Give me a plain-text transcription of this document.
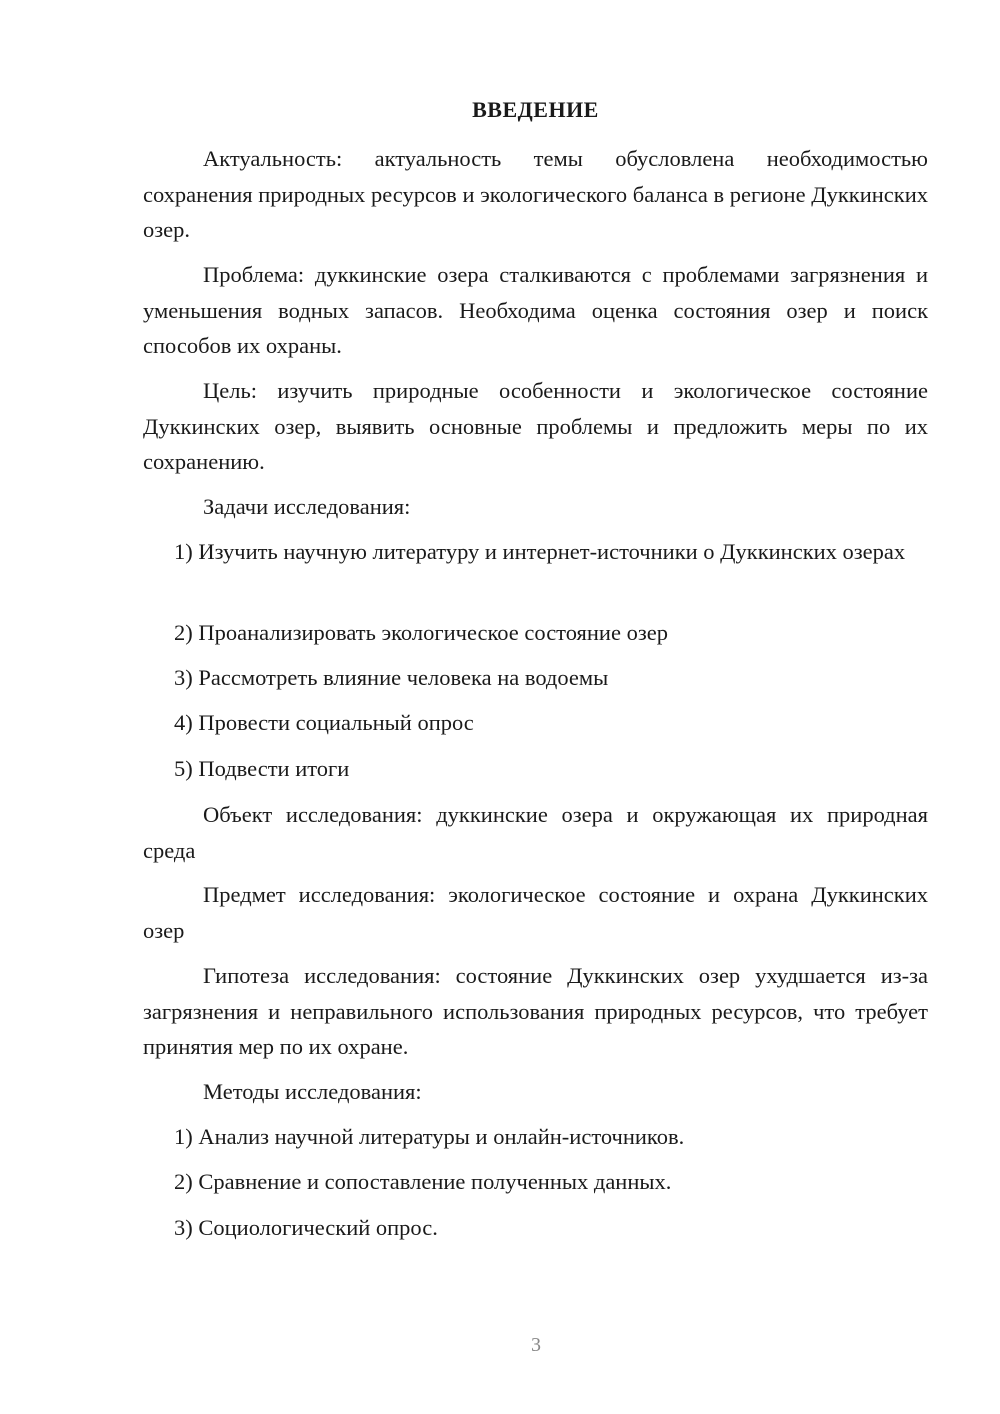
ВВЕДЕНИЕ

Актуальность: актуальность темы обусловлена необходимостью сохранения природных ресурсов и экологического баланса в регионе Дуккинских озер.

Проблема: дуккинские озера сталкиваются с проблемами загрязнения и уменьшения водных запасов. Необходима оценка состояния озер и поиск способов их охраны.

Цель: изучить природные особенности и экологическое состояние Дуккинских озер, выявить основные проблемы и предложить меры по их сохранению.

Задачи исследования:

1) Изучить научную литературу и интернет-источники о Дуккинских озерах

2) Проанализировать экологическое состояние озер

3) Рассмотреть влияние человека на водоемы

4) Провести социальный опрос

5) Подвести итоги

Объект исследования: дуккинские озера и окружающая их природная среда

Предмет исследования: экологическое состояние и охрана Дуккинских озер

Гипотеза исследования: состояние Дуккинских озер ухудшается из-за загрязнения и неправильного использования природных ресурсов, что требует принятия мер по их охране.

Методы исследования:

1) Анализ научной литературы и онлайн-источников.

2) Сравнение и сопоставление полученных данных.

3) Социологический опрос.

3
